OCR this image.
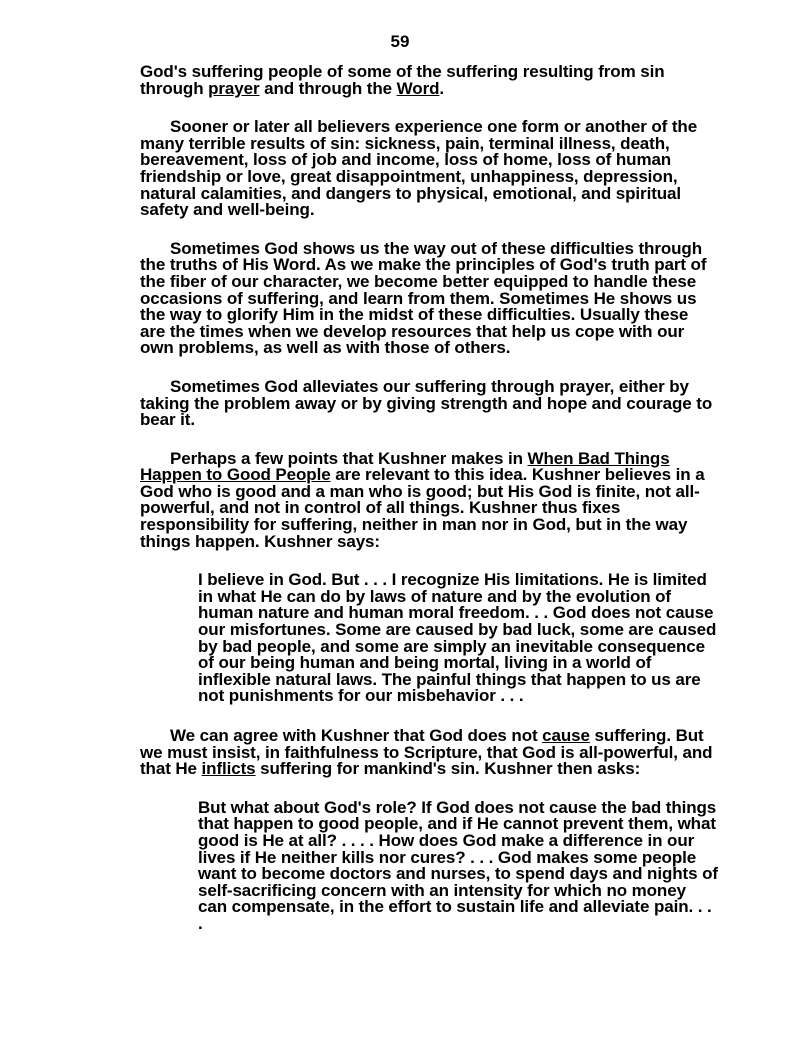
59

God's suffering people of some of the suffering resulting from sin through prayer and through the Word.

Sooner or later all believers experience one form or another of the many terrible results of sin: sickness, pain, terminal illness, death, bereavement, loss of job and income, loss of home, loss of human friendship or love, great disappointment, unhappiness, depression, natural calamities, and dangers to physical, emotional, and spiritual safety and well-being.

Sometimes God shows us the way out of these difficulties through the truths of His Word. As we make the principles of God's truth part of the fiber of our character, we become better equipped to handle these occasions of suffering, and learn from them. Sometimes He shows us the way to glorify Him in the midst of these difficulties. Usually these are the times when we develop resources that help us cope with our own problems, as well as with those of others.

Sometimes God alleviates our suffering through prayer, either by taking the problem away or by giving strength and hope and courage to bear it.

Perhaps a few points that Kushner makes in When Bad Things Happen to Good People are relevant to this idea. Kushner believes in a God who is good and a man who is good; but His God is finite, not all-powerful, and not in control of all things. Kushner thus fixes responsibility for suffering, neither in man nor in God, but in the way things happen. Kushner says:

I believe in God. But . . . I recognize His limitations. He is limited in what He can do by laws of nature and by the evolution of human nature and human moral freedom. . . God does not cause our misfortunes. Some are caused by bad luck, some are caused by bad people, and some are simply an inevitable consequence of our being human and being mortal, living in a world of inflexible natural laws. The painful things that happen to us are not punishments for our misbehavior . . .

We can agree with Kushner that God does not cause suffering. But we must insist, in faithfulness to Scripture, that God is all-powerful, and that He inflicts suffering for mankind's sin. Kushner then asks:

But what about God's role? If God does not cause the bad things that happen to good people, and if He cannot prevent them, what good is He at all? . . . . How does God make a difference in our lives if He neither kills nor cures? . . . God makes some people want to become doctors and nurses, to spend days and nights of self-sacrificing concern with an intensity for which no money can compensate, in the effort to sustain life and alleviate pain. . . .
